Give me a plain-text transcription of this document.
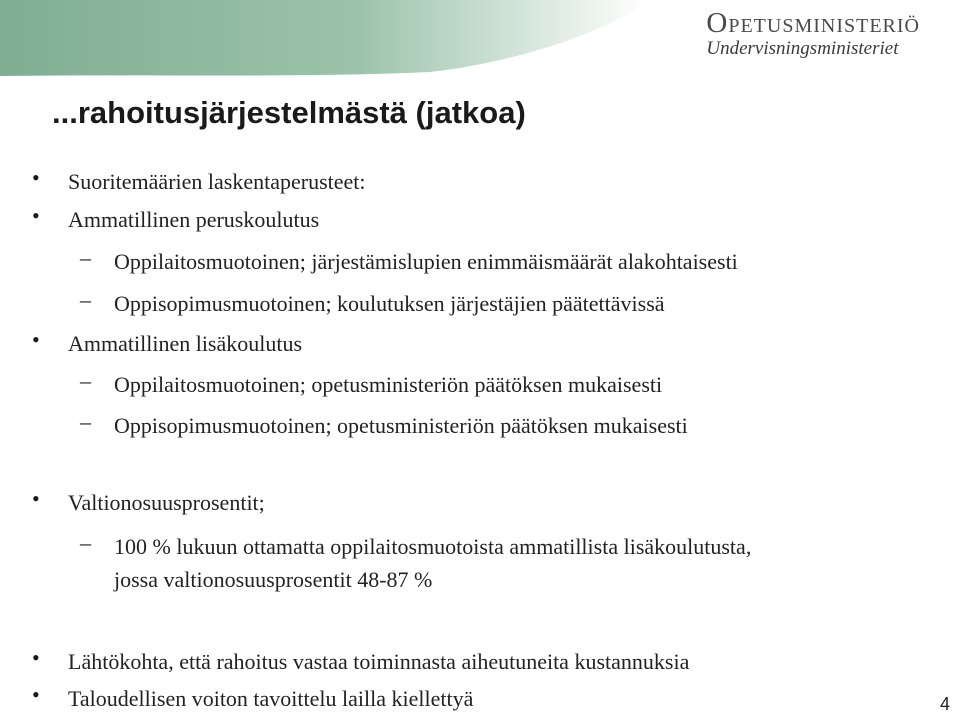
Opetusministeriö
Undervisningsministeriet
...rahoitusjärjestelmästä (jatkoa)
• Suoritemäärien laskentaperusteet:
• Ammatillinen peruskoulutus
– Oppilaitosmuotoinen; järjestämislupien enimmäismäärät alakohtaisesti
– Oppisopimusmuotoinen; koulutuksen järjestäjien päätettävissä
• Ammatillinen lisäkoulutus
– Oppilaitosmuotoinen; opetusministeriön päätöksen mukaisesti
– Oppisopimusmuotoinen; opetusministeriön päätöksen mukaisesti
• Valtionosuusprosentit;
– 100 % lukuun ottamatta oppilaitosmuotoista ammatillista lisäkoulutusta,
jossa valtionosuusprosentit 48-87 %
• Lähtökohta, että rahoitus vastaa toiminnasta aiheutuneita kustannuksia
• Taloudellisen voiton tavoittelu lailla kiellettyä	4
